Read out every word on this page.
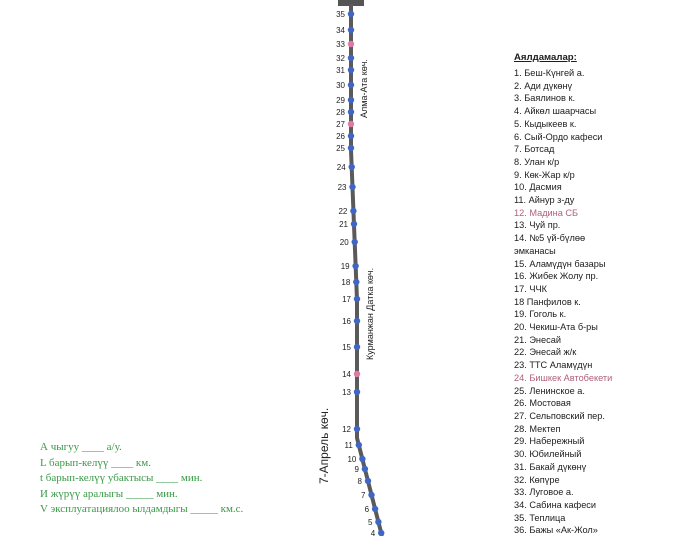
35
34
33
32
31
30
29
28
27
26
25
24
23
22
21
20
19
18
17
16
15
14
13
12
11
10
9
8
7
6
5
4
Алма-Ата көч.
Курманжан Датка көч.
7-Апрель көч.
Аялдамалар:
1. Беш-Күнгей а.
2. Ади дүкөнү
3. Баялинов к.
4. Айкөл шаарчасы
5. Кыдыкеев к.
6. Сый-Ордо кафеси
7. Ботсад
8. Улан к/р
9. Көк-Жар к/р
10. Дасмия
11. Айнур з-ду
12. Мадина СБ
13. Чуй пр.
14. №5 үй-бүлөө эмканасы
15. Аламүдүн базары
16. Жибек Жолу пр.
17. ЧЧК
18 Панфилов к.
19. Гоголь к.
20. Чекиш-Ата б-ры
21. Энесай
22. Энесай ж/к
23. ТТС Аламүдүн
24. Бишкек Автобекети
25. Ленинское а.
26. Мостовая
27. Сельповский пер.
28. Мектеп
29. Набережный
30. Юбилейный
31. Бакай дүкөнү
32. Көпүре
33. Луговое а.
34. Сабина кафеси
35. Теплица
36. Бажы «Ак-Жол»
А чыгуу ____ а/у.
L барып-келүү ____ км.
t барып-келүү убактысы ____ мин.
И жүрүү аралыгы _____ мин.
V эксплуатациялоо ылдамдыгы _____ км.с.
